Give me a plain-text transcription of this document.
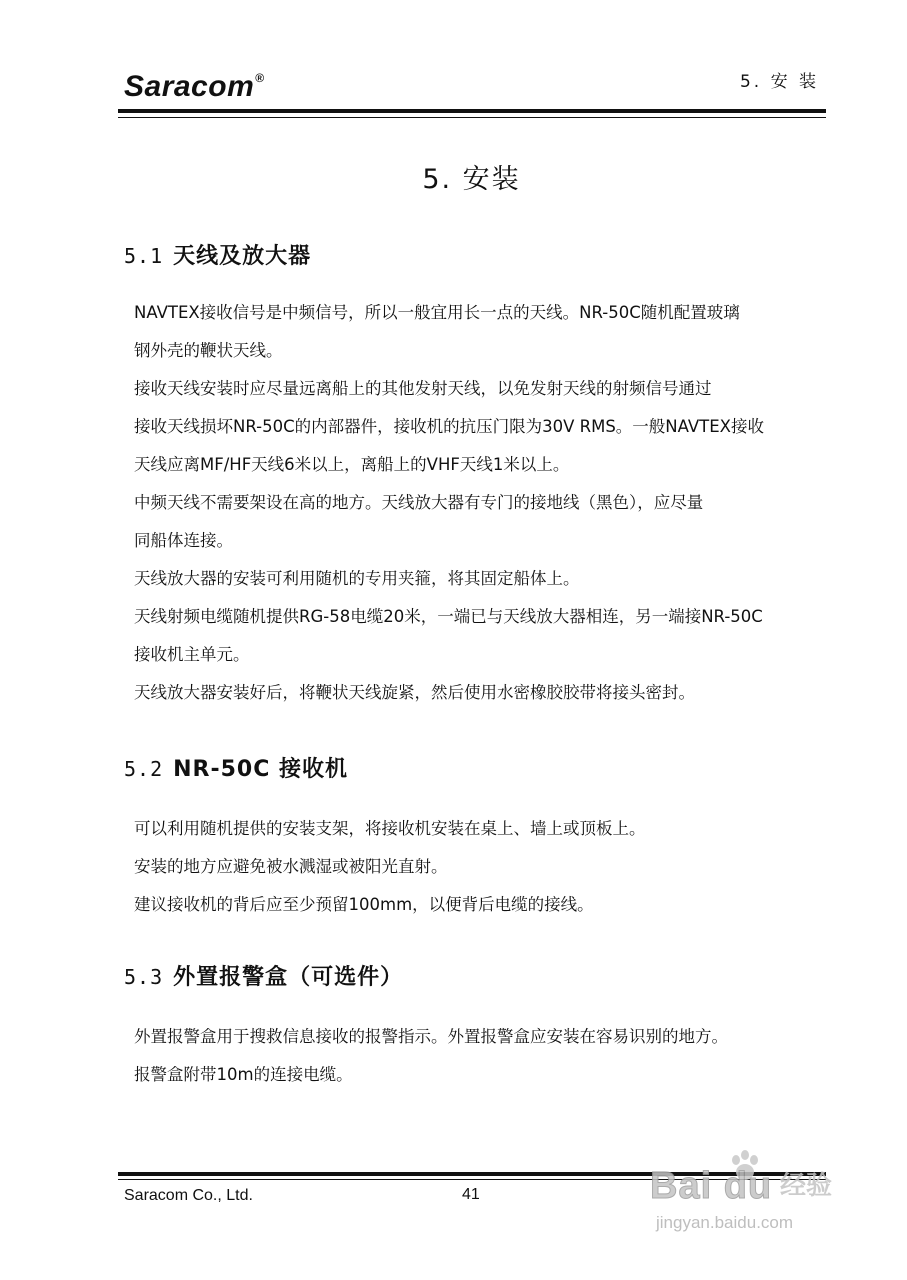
Saracom®	5. 安 装
5. 安装
5.1 天线及放大器
NAVTEX接收信号是中频信号，所以一般宜用长一点的天线。NR-50C随机配置玻璃
钢外壳的鞭状天线。
接收天线安装时应尽量远离船上的其他发射天线，以免发射天线的射频信号通过
接收天线损坏NR-50C的内部器件，接收机的抗压门限为30V RMS。一般NAVTEX接收
天线应离MF/HF天线6米以上，离船上的VHF天线1米以上。
中频天线不需要架设在高的地方。天线放大器有专门的接地线（黑色），应尽量
同船体连接。
天线放大器的安装可利用随机的专用夹箍，将其固定船体上。
天线射频电缆随机提供RG-58电缆20米，一端已与天线放大器相连，另一端接NR-50C
接收机主单元。
天线放大器安装好后，将鞭状天线旋紧，然后使用水密橡胶胶带将接头密封。
5.2 NR-50C 接收机
可以利用随机提供的安装支架，将接收机安装在桌上、墙上或顶板上。
安装的地方应避免被水溅湿或被阳光直射。
建议接收机的背后应至少预留100mm，以便背后电缆的接线。
5.3 外置报警盒（可选件）
外置报警盒用于搜救信息接收的报警指示。外置报警盒应安装在容易识别的地方。
报警盒附带10m的连接电缆。
Saracom Co., Ltd.	41	Bai du 经验
jingyan.baidu.com
